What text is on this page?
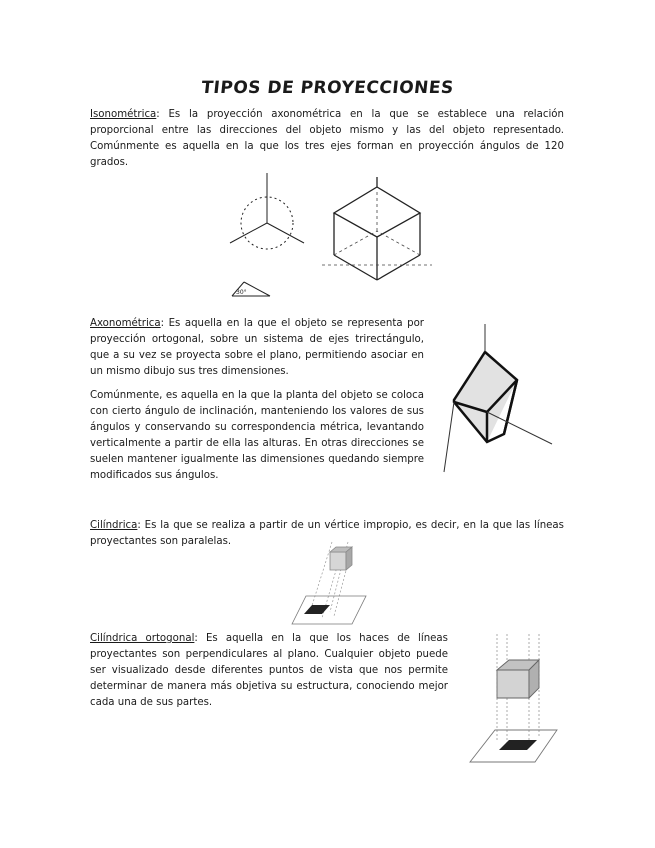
TIPOS DE PROYECCIONES

Isonométrica: Es la proyección axonométrica en la que se establece una relación proporcional entre las direcciones del objeto mismo y las del objeto representado. Comúnmente es aquella en la que los tres ejes forman en proyección ángulos de 120 grados.

30°

Axonométrica: Es aquella en la que el objeto se representa por proyección ortogonal, sobre un sistema de ejes trirectángulo, que a su vez se proyecta sobre el plano, permitiendo asociar en un mismo dibujo sus tres dimensiones.

Comúnmente, es aquella en la que la planta del objeto se coloca con cierto ángulo de inclinación, manteniendo los valores de sus ángulos y conservando su correspondencia métrica, levantando verticalmente a partir de ella las alturas. En otras direcciones se suelen mantener igualmente las dimensiones quedando siempre modificados sus ángulos.

Cilíndrica: Es la que se realiza a partir de un vértice impropio, es decir, en la que las líneas proyectantes son paralelas.

Cilíndrica ortogonal: Es aquella en la que los haces de líneas proyectantes son perpendiculares al plano. Cualquier objeto puede ser visualizado desde diferentes puntos de vista que nos permite determinar de manera más objetiva su estructura, conociendo mejor cada una de sus partes.
